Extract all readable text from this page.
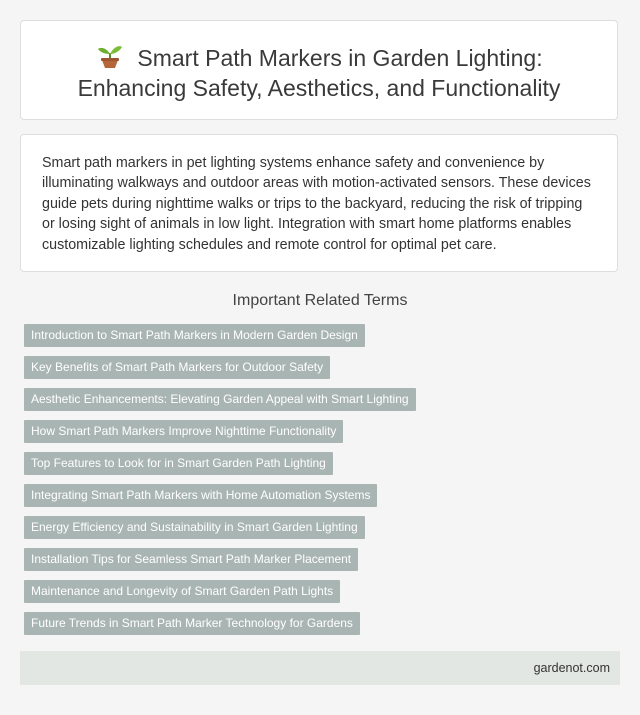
Smart Path Markers in Garden Lighting:
Enhancing Safety, Aesthetics, and Functionality

Smart path markers in pet lighting systems enhance safety and convenience by illuminating walkways and outdoor areas with motion-activated sensors. These devices guide pets during nighttime walks or trips to the backyard, reducing the risk of tripping or losing sight of animals in low light. Integration with smart home platforms enables customizable lighting schedules and remote control for optimal pet care.

Important Related Terms
Introduction to Smart Path Markers in Modern Garden Design
Key Benefits of Smart Path Markers for Outdoor Safety
Aesthetic Enhancements: Elevating Garden Appeal with Smart Lighting
How Smart Path Markers Improve Nighttime Functionality
Top Features to Look for in Smart Garden Path Lighting
Integrating Smart Path Markers with Home Automation Systems
Energy Efficiency and Sustainability in Smart Garden Lighting
Installation Tips for Seamless Smart Path Marker Placement
Maintenance and Longevity of Smart Garden Path Lights
Future Trends in Smart Path Marker Technology for Gardens
gardenot.com
